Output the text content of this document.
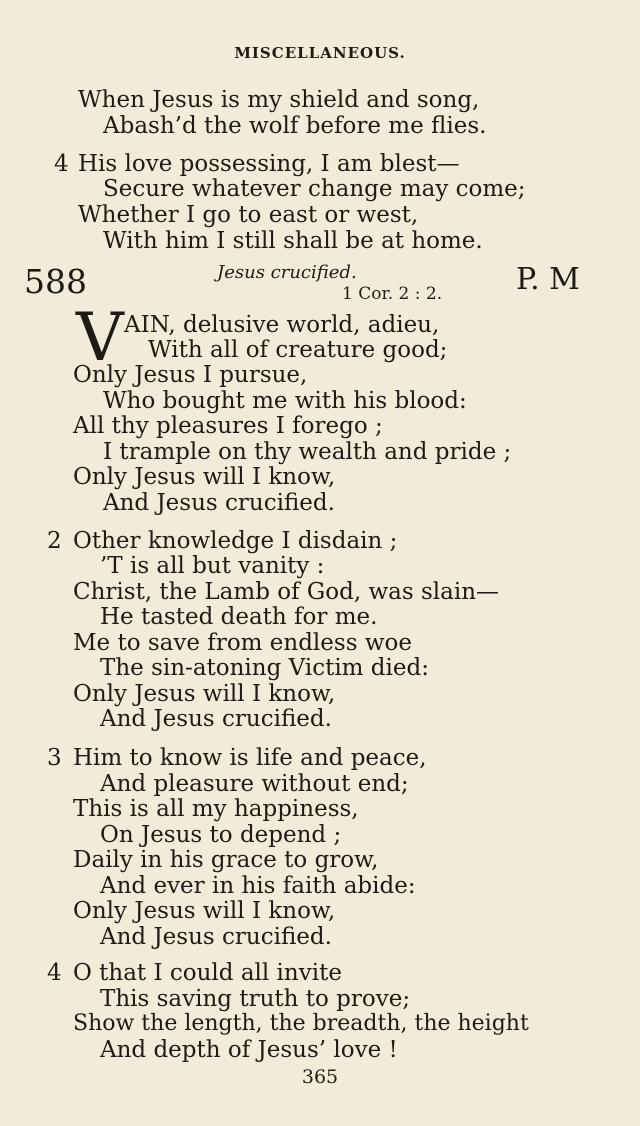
MISCELLANEOUS.
When Jesus is my shield and song,
Abash’d the wolf before me flies.
4 His love possessing, I am blest—
Secure whatever change may come;
Whether I go to east or west,
With him I still shall be at home.
588	Jesus crucified.
1 Cor. 2 : 2. P. M
V AIN, delusive world, adieu,
With all of creature good;
Only Jesus I pursue,
Who bought me with his blood:
All thy pleasures I forego ;
I trample on thy wealth and pride ;
Only Jesus will I know,
And Jesus crucified.
2 Other knowledge I disdain ;
’T is all but vanity :
Christ, the Lamb of God, was slain—
He tasted death for me.
Me to save from endless woe
The sin-atoning Victim died:
Only Jesus will I know,
And Jesus crucified.
3 Him to know is life and peace,
And pleasure without end;
This is all my happiness,
On Jesus to depend ;
Daily in his grace to grow,
And ever in his faith abide:
Only Jesus will I know,
And Jesus crucified.
4 O that I could all invite
This saving truth to prove;
Show the length, the breadth, the height
And depth of Jesus’ love !
365
